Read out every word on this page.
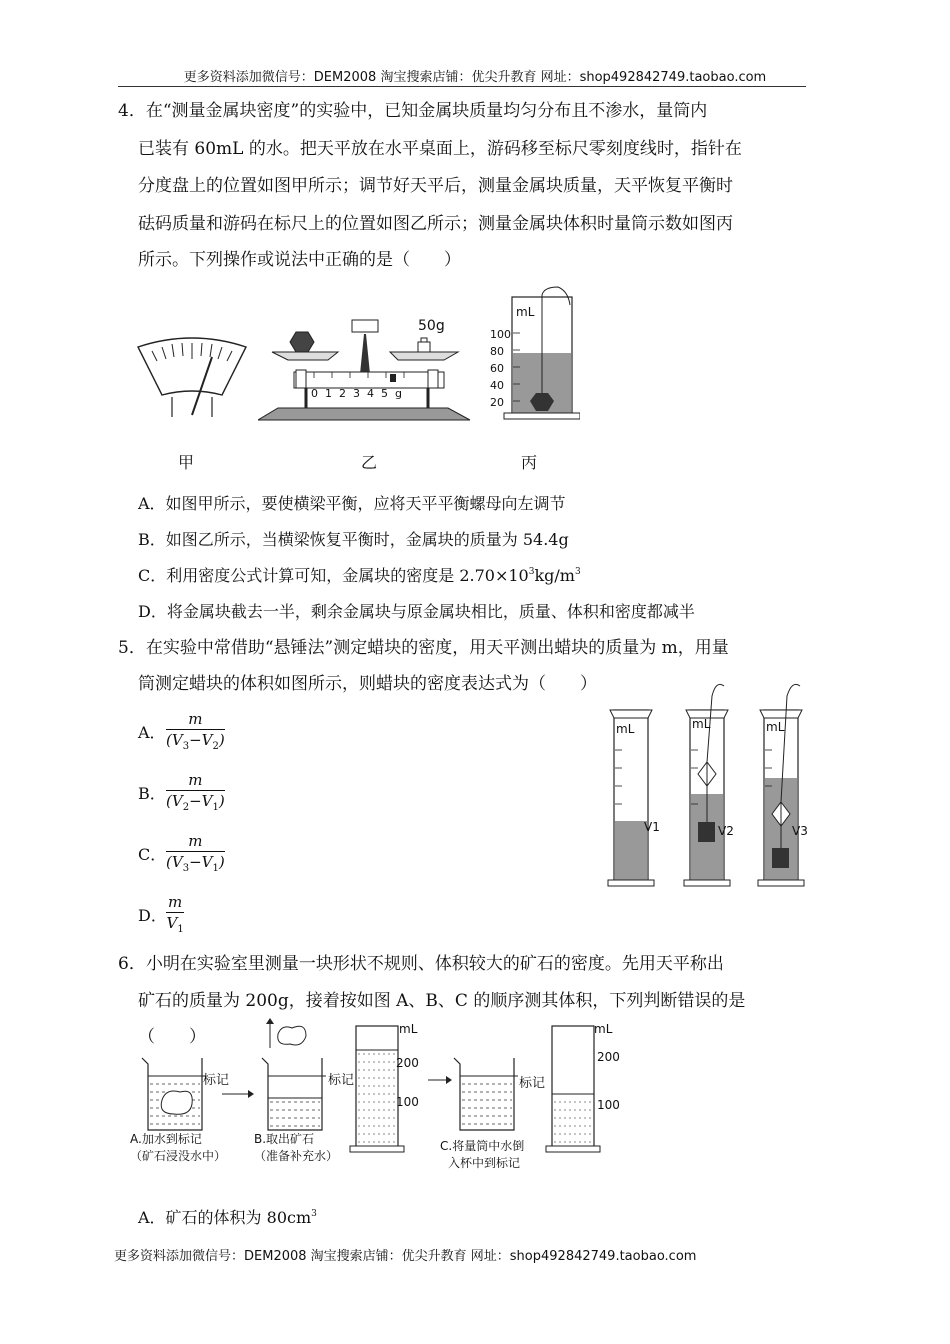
更多资料添加微信号：DEM2008 淘宝搜索店铺：优尖升教育 网址：shop492842749.taobao.com
4．在“测量金属块密度”的实验中，已知金属块质量均匀分布且不渗水，量筒内
已装有 60mL 的水。把天平放在水平桌面上，游码移至标尺零刻度线时，指针在
分度盘上的位置如图甲所示；调节好天平后，测量金属块质量，天平恢复平衡时
砝码质量和游码在标尺上的位置如图乙所示；测量金属块体积时量筒示数如图丙
所示。下列操作或说法中正确的是（　　）
50g
012345g
mL
100
80
60
40
20
甲	乙	丙
A．如图甲所示，要使横梁平衡，应将天平平衡螺母向左调节
B．如图乙所示，当横梁恢复平衡时，金属块的质量为 54.4g
C．利用密度公式计算可知，金属块的密度是 $2.70\times 10^3kg/m^3$
D．将金属块截去一半，剩余金属块与原金属块相比，质量、体积和密度都减半
5．在实验中常借助“悬锤法”测定蜡块的密度，用天平测出蜡块的质量为 m，用量
筒测定蜡块的体积如图所示，则蜡块的密度表达式为（　　）
A． $\frac{m}{(V_3-V_2)}$
B． $\frac{m}{(V_2-V_1)}$
C． $\frac{m}{(V_3-V_1)}$
D． $\frac{m}{V_1}$
mL	mL	mL
V1	V2	V3
6．小明在实验室里测量一块形状不规则、体积较大的矿石的密度。先用天平称出
矿石的质量为 200g，接着按如图 A、B、C 的顺序测其体积，下列判断错误的是
（　　）
标记	标记	标记
mL
200
100
mL
200
100
A.加水到标记
（矿石浸没水中）
B.取出矿石
（准备补充水）
C.将量筒中水倒
入杯中到标记
A．矿石的体积为 $80cm^3$
更多资料添加微信号：DEM2008 淘宝搜索店铺：优尖升教育 网址：shop492842749.taobao.com
